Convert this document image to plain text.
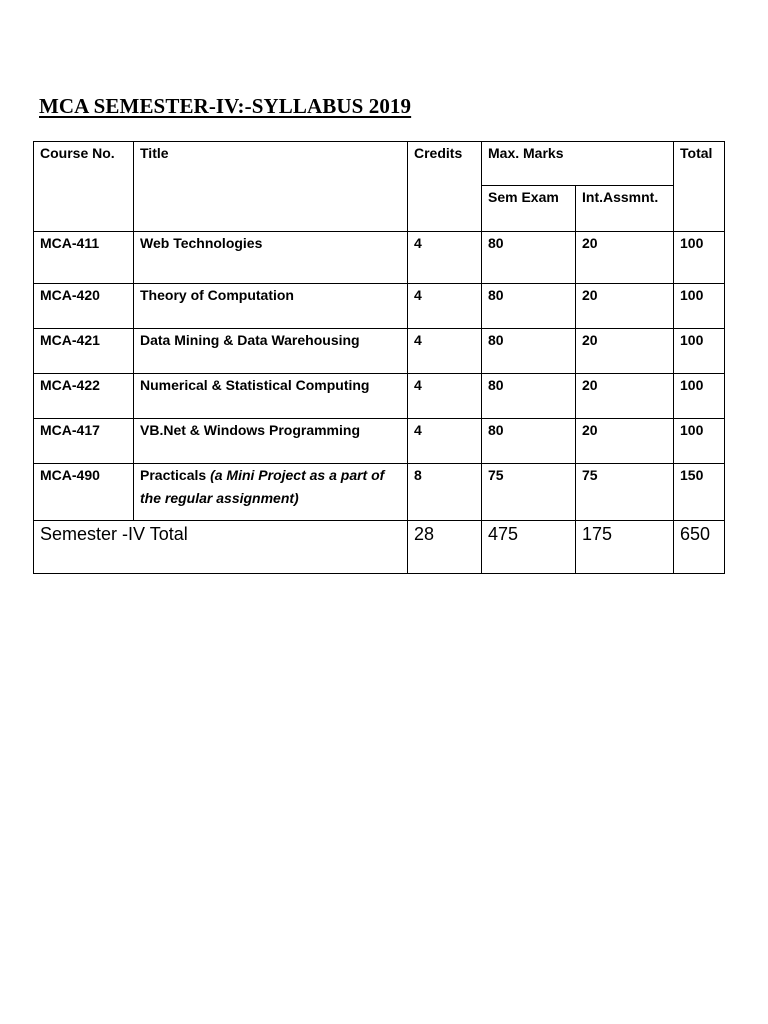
MCA SEMESTER-IV:-SYLLABUS 2019
Course No.	Title	Credits	Max. Marks		Total
			Sem Exam	Int.Assmnt.	
MCA-411	Web Technologies	4	80	20	100
MCA-420	Theory of Computation	4	80	20	100
MCA-421	Data Mining & Data Warehousing	4	80	20	100
MCA-422	Numerical & Statistical Computing	4	80	20	100
MCA-417	VB.Net & Windows Programming	4	80	20	100
MCA-490	Practicals (a Mini Project as a part of the regular assignment)	8	75	75	150
Semester -IV Total		28	475	175	650
